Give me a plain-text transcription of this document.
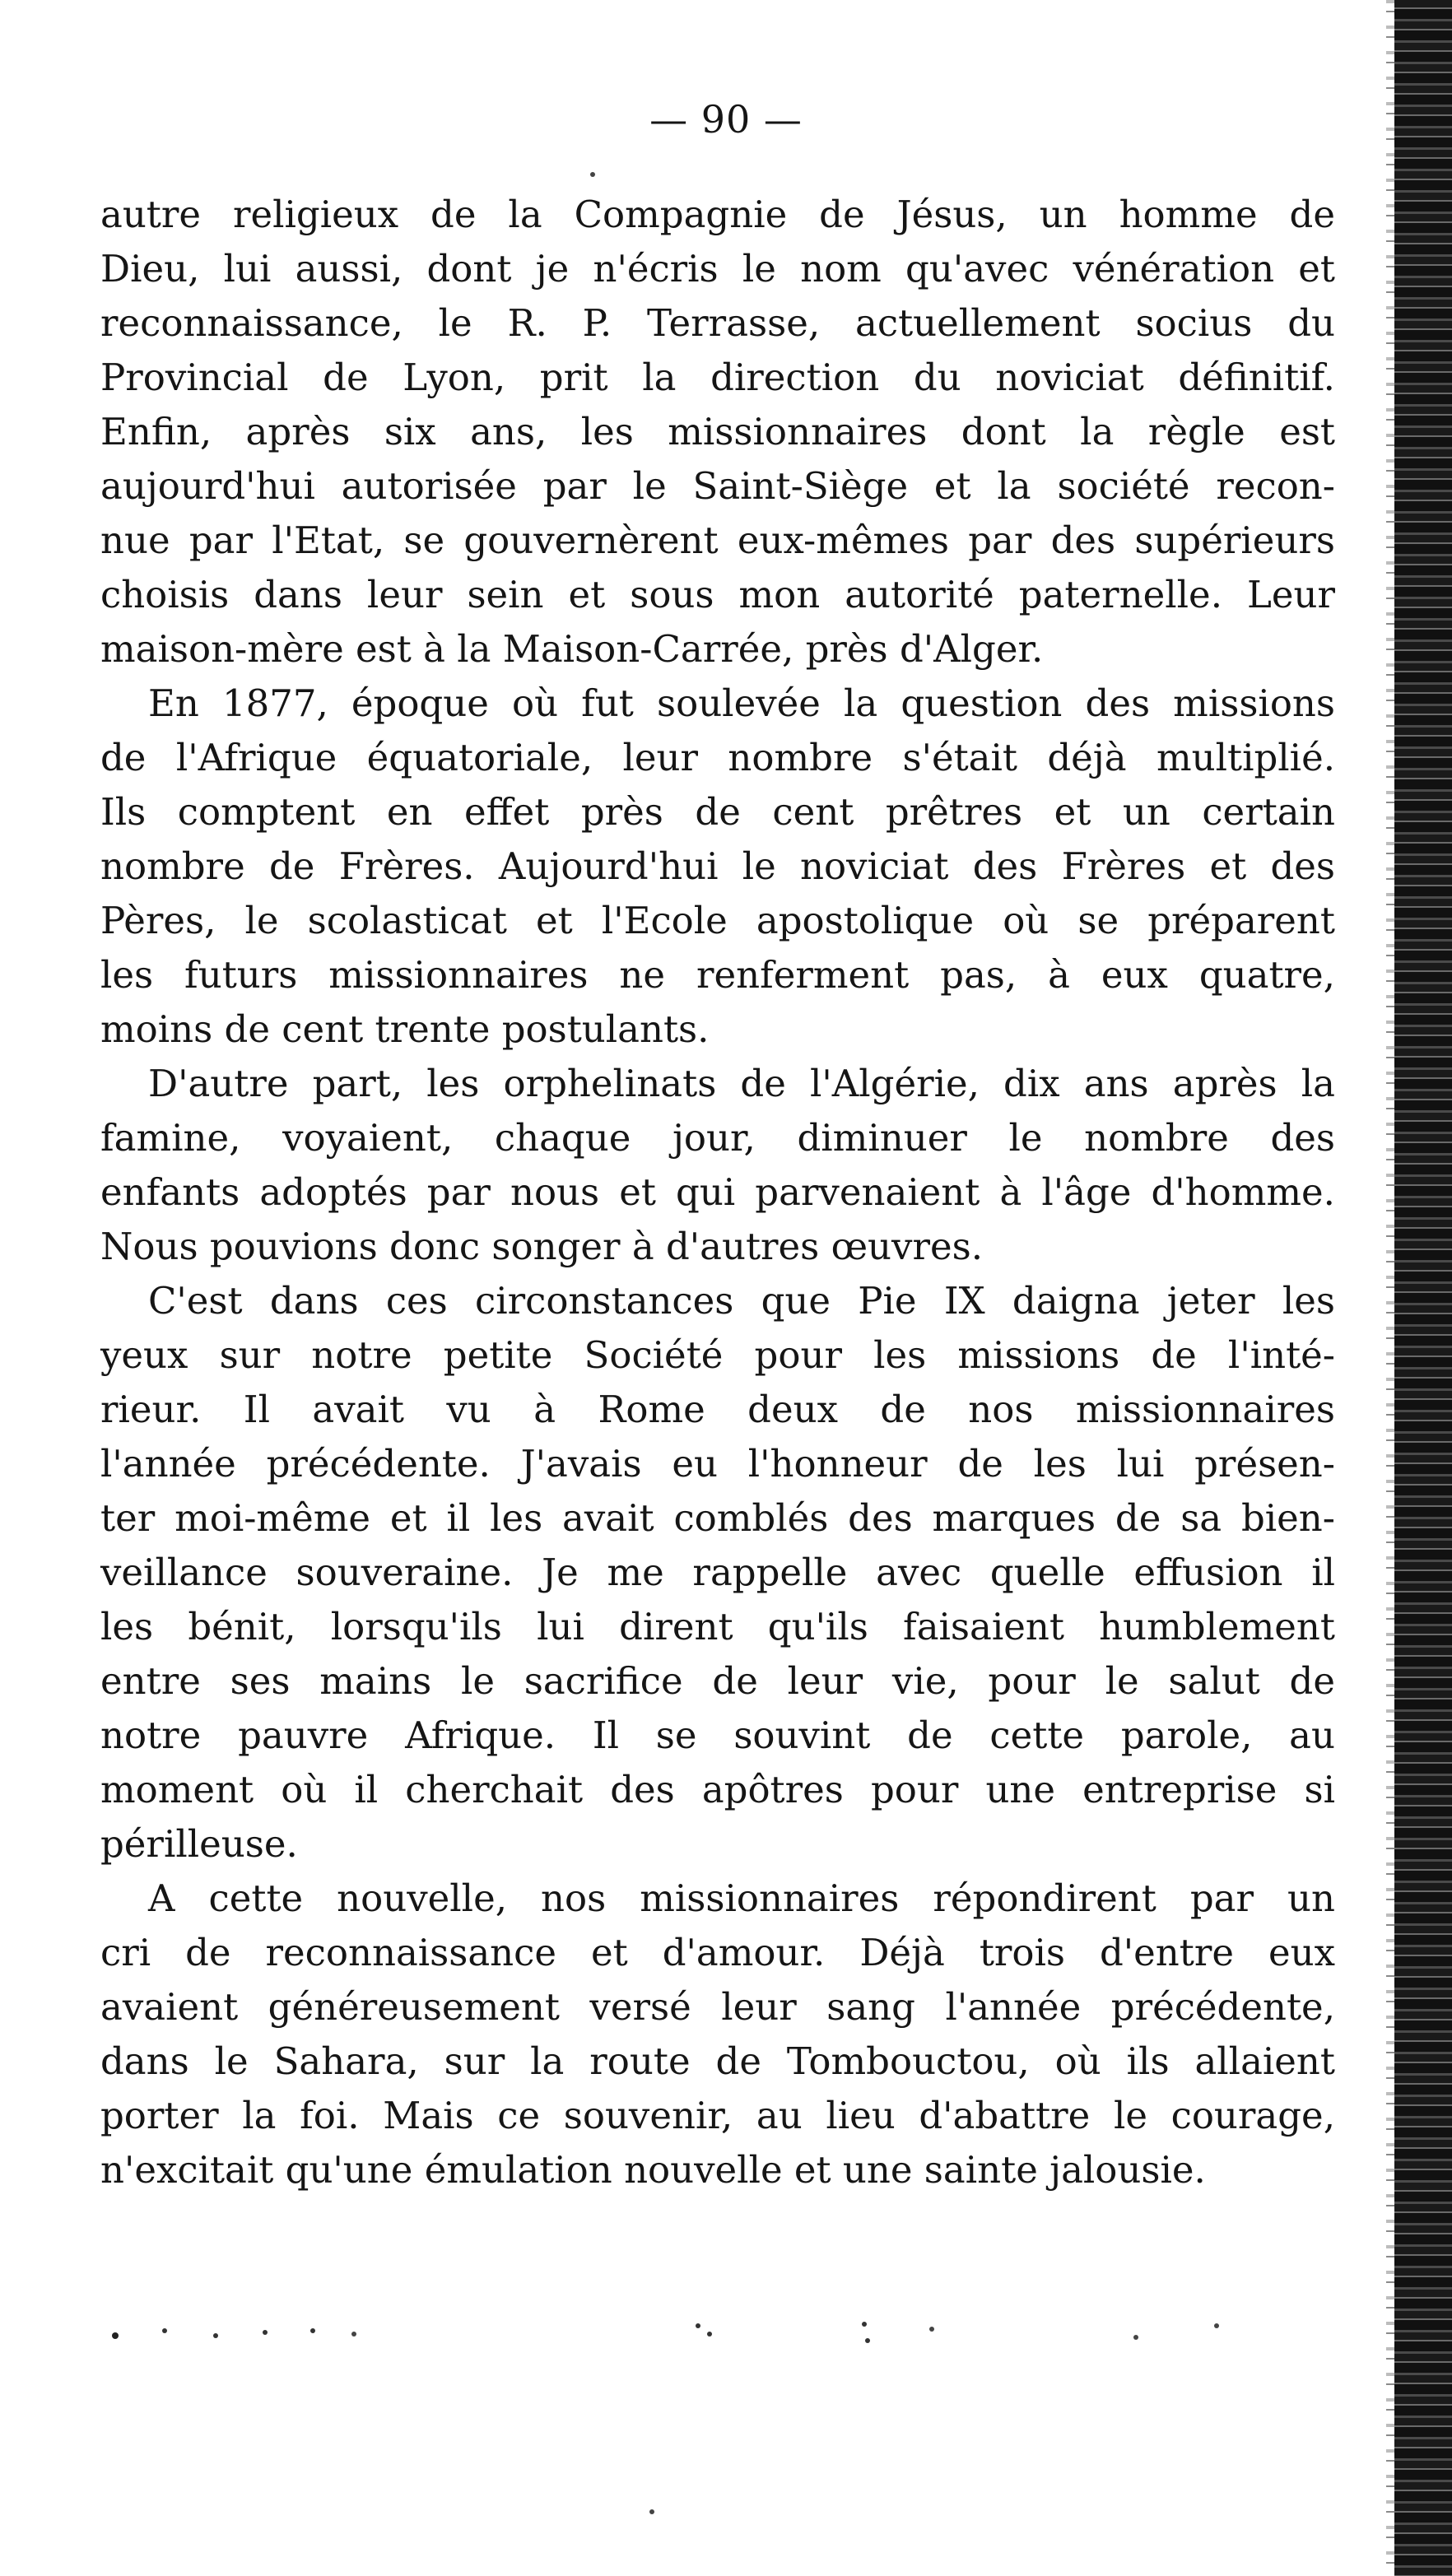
— 90 —
autre religieux de la Compagnie de Jésus, un homme de
Dieu, lui aussi, dont je n'écris le nom qu'avec vénération et
reconnaissance, le R. P. Terrasse, actuellement socius du
Provincial de Lyon, prit la direction du noviciat définitif.
Enfin, après six ans, les missionnaires dont la règle est
aujourd'hui autorisée par le Saint-Siège et la société recon-
nue par l'Etat, se gouvernèrent eux-mêmes par des supérieurs
choisis dans leur sein et sous mon autorité paternelle. Leur
maison-mère est à la Maison-Carrée, près d'Alger.
En 1877, époque où fut soulevée la question des missions
de l'Afrique équatoriale, leur nombre s'était déjà multiplié.
Ils comptent en effet près de cent prêtres et un certain
nombre de Frères. Aujourd'hui le noviciat des Frères et des
Pères, le scolasticat et l'Ecole apostolique où se préparent
les futurs missionnaires ne renferment pas, à eux quatre,
moins de cent trente postulants.
D'autre part, les orphelinats de l'Algérie, dix ans après la
famine, voyaient, chaque jour, diminuer le nombre des
enfants adoptés par nous et qui parvenaient à l'âge d'homme.
Nous pouvions donc songer à d'autres œuvres.
C'est dans ces circonstances que Pie IX daigna jeter les
yeux sur notre petite Société pour les missions de l'inté-
rieur. Il avait vu à Rome deux de nos missionnaires
l'année précédente. J'avais eu l'honneur de les lui présen-
ter moi-même et il les avait comblés des marques de sa bien-
veillance souveraine. Je me rappelle avec quelle effusion il
les bénit, lorsqu'ils lui dirent qu'ils faisaient humblement
entre ses mains le sacrifice de leur vie, pour le salut de
notre pauvre Afrique. Il se souvint de cette parole, au
moment où il cherchait des apôtres pour une entreprise si
périlleuse.
A cette nouvelle, nos missionnaires répondirent par un
cri de reconnaissance et d'amour. Déjà trois d'entre eux
avaient généreusement versé leur sang l'année précédente,
dans le Sahara, sur la route de Tombouctou, où ils allaient
porter la foi. Mais ce souvenir, au lieu d'abattre le courage,
n'excitait qu'une émulation nouvelle et une sainte jalousie.
